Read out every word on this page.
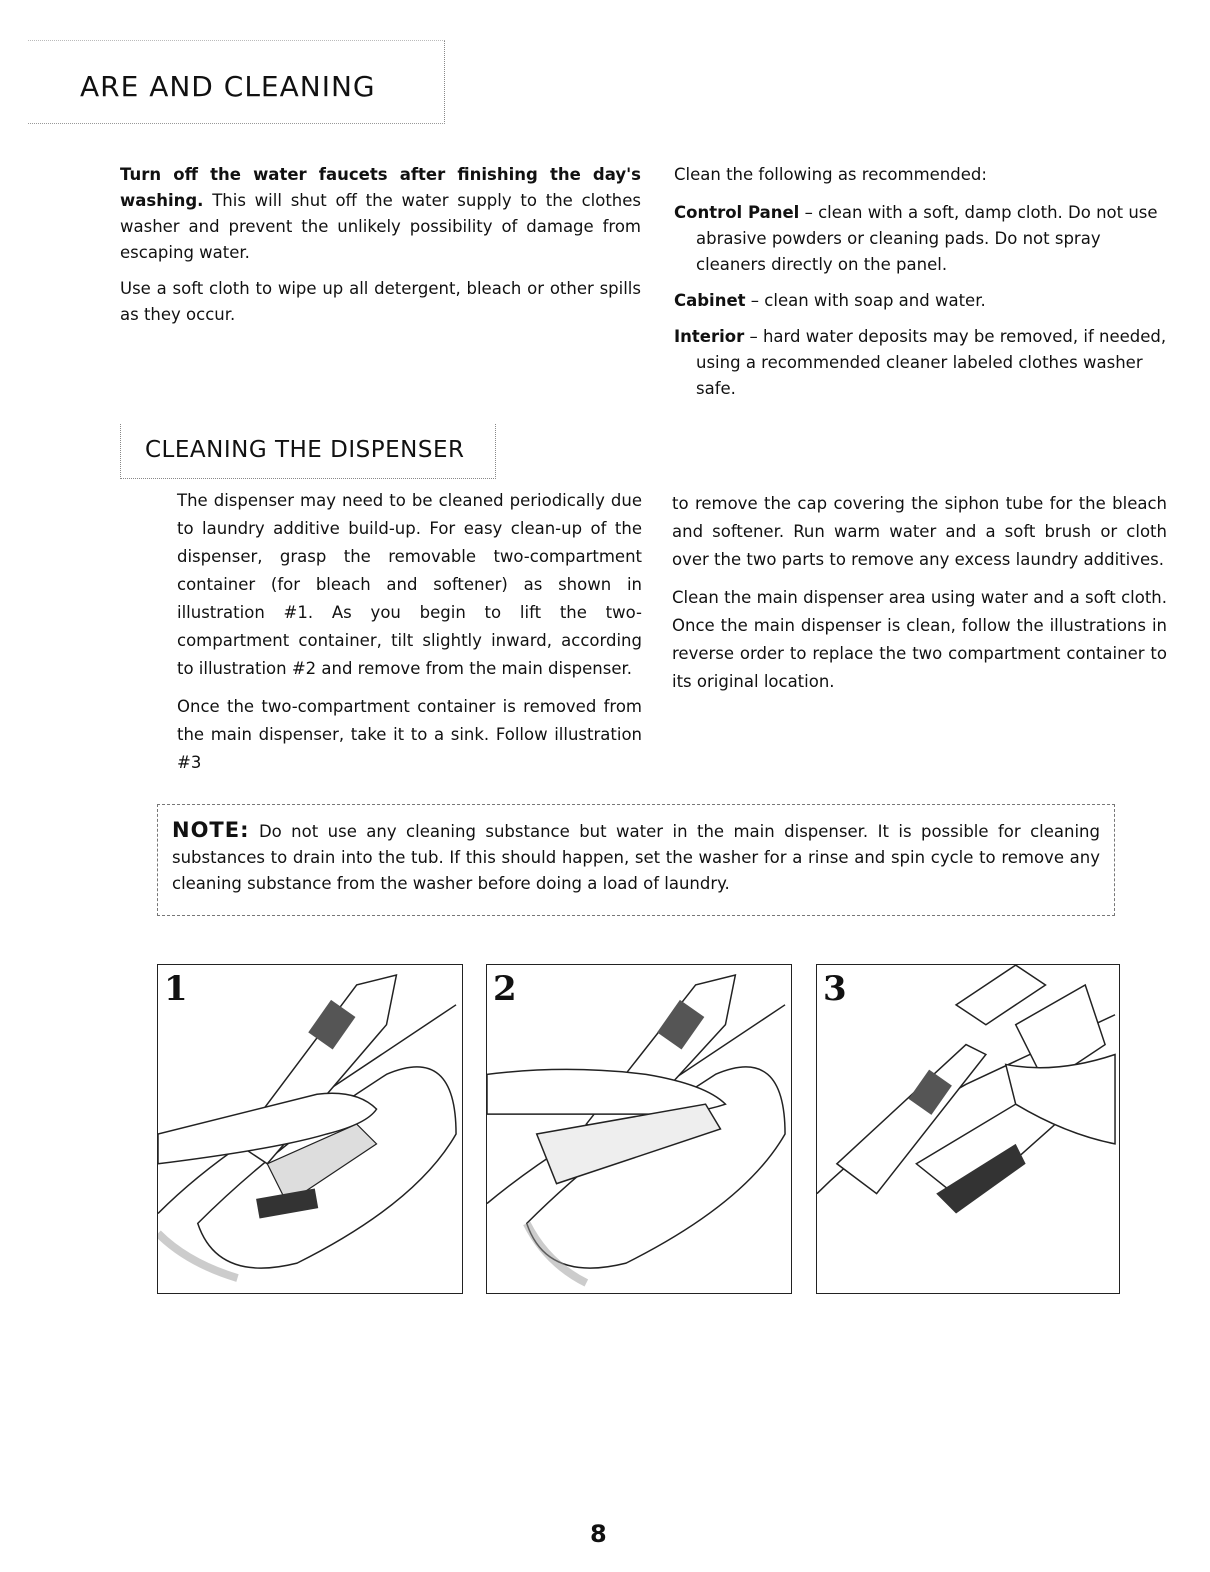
ARE AND CLEANING

Turn off the water faucets after finishing the day's washing. This will shut off the water supply to the clothes washer and prevent the unlikely possibility of damage from escaping water.

Use a soft cloth to wipe up all detergent, bleach or other spills as they occur.

Clean the following as recommended:

Control Panel – clean with a soft, damp cloth. Do not use abrasive powders or cleaning pads. Do not spray cleaners directly on the panel.

Cabinet – clean with soap and water.

Interior – hard water deposits may be removed, if needed, using a recommended cleaner labeled clothes washer safe.

CLEANING THE DISPENSER

The dispenser may need to be cleaned periodically due to laundry additive build-up. For easy clean-up of the dispenser, grasp the removable two-compartment container (for bleach and softener) as shown in illustration #1. As you begin to lift the two-compartment container, tilt slightly inward, according to illustration #2 and remove from the main dispenser.

Once the two-compartment container is removed from the main dispenser, take it to a sink. Follow illustration #3

to remove the cap covering the siphon tube for the bleach and softener. Run warm water and a soft brush or cloth over the two parts to remove any excess laundry additives.

Clean the main dispenser area using water and a soft cloth. Once the main dispenser is clean, follow the illustrations in reverse order to replace the two compartment container to its original location.

NOTE: Do not use any cleaning substance but water in the main dispenser. It is possible for cleaning substances to drain into the tub. If this should happen, set the washer for a rinse and spin cycle to remove any cleaning substance from the washer before doing a load of laundry.
1	2	3
8
